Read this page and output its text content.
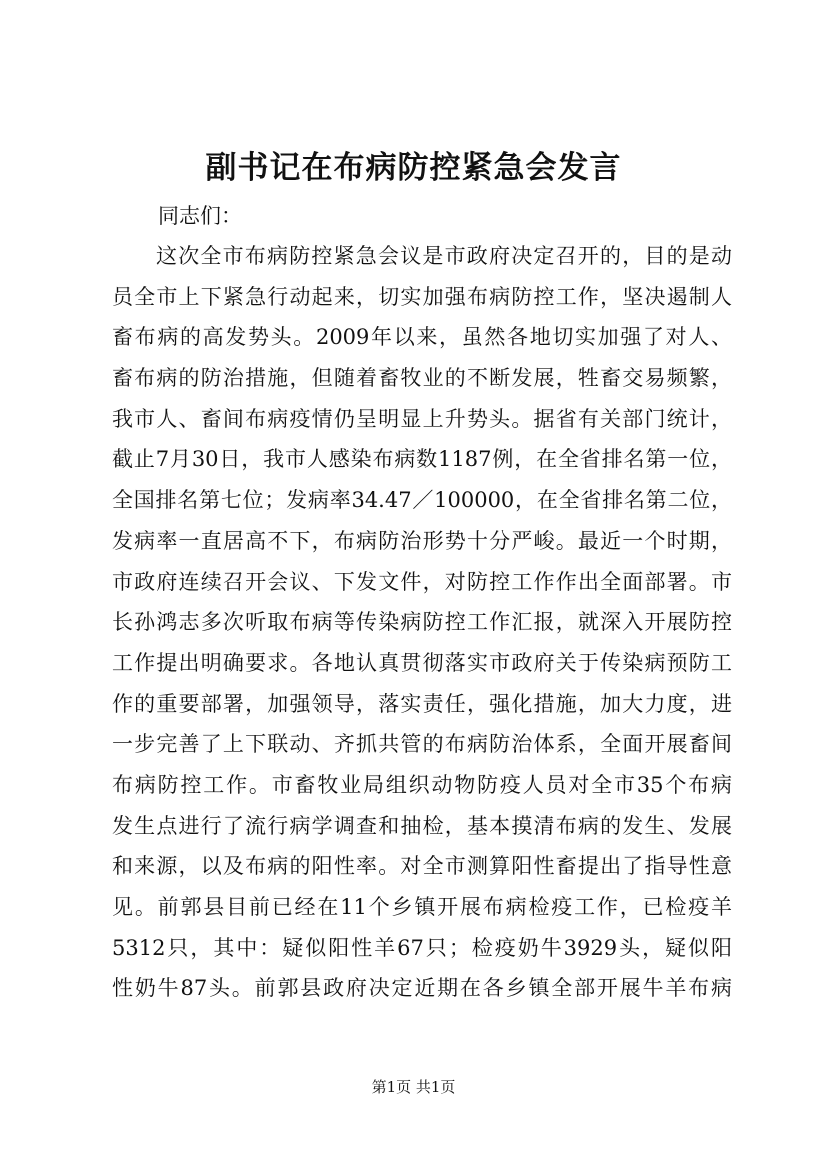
副书记在布病防控紧急会发言
同志们：
这次全市布病防控紧急会议是市政府决定召开的，目的是动
员全市上下紧急行动起来，切实加强布病防控工作，坚决遏制人
畜布病的高发势头。2009年以来，虽然各地切实加强了对人、
畜布病的防治措施，但随着畜牧业的不断发展，牲畜交易频繁，
我市人、畜间布病疫情仍呈明显上升势头。据省有关部门统计，
截止7月30日，我市人感染布病数1187例，在全省排名第一位，
全国排名第七位；发病率34.47／100000，在全省排名第二位，
发病率一直居高不下，布病防治形势十分严峻。最近一个时期，
市政府连续召开会议、下发文件，对防控工作作出全面部署。市
长孙鸿志多次听取布病等传染病防控工作汇报，就深入开展防控
工作提出明确要求。各地认真贯彻落实市政府关于传染病预防工
作的重要部署，加强领导，落实责任，强化措施，加大力度，进
一步完善了上下联动、齐抓共管的布病防治体系，全面开展畜间
布病防控工作。市畜牧业局组织动物防疫人员对全市35个布病
发生点进行了流行病学调查和抽检，基本摸清布病的发生、发展
和来源，以及布病的阳性率。对全市测算阳性畜提出了指导性意
见。前郭县目前已经在11个乡镇开展布病检疫工作，已检疫羊
5312只，其中：疑似阳性羊67只；检疫奶牛3929头，疑似阳
性奶牛87头。前郭县政府决定近期在各乡镇全部开展牛羊布病
第1页 共1页
